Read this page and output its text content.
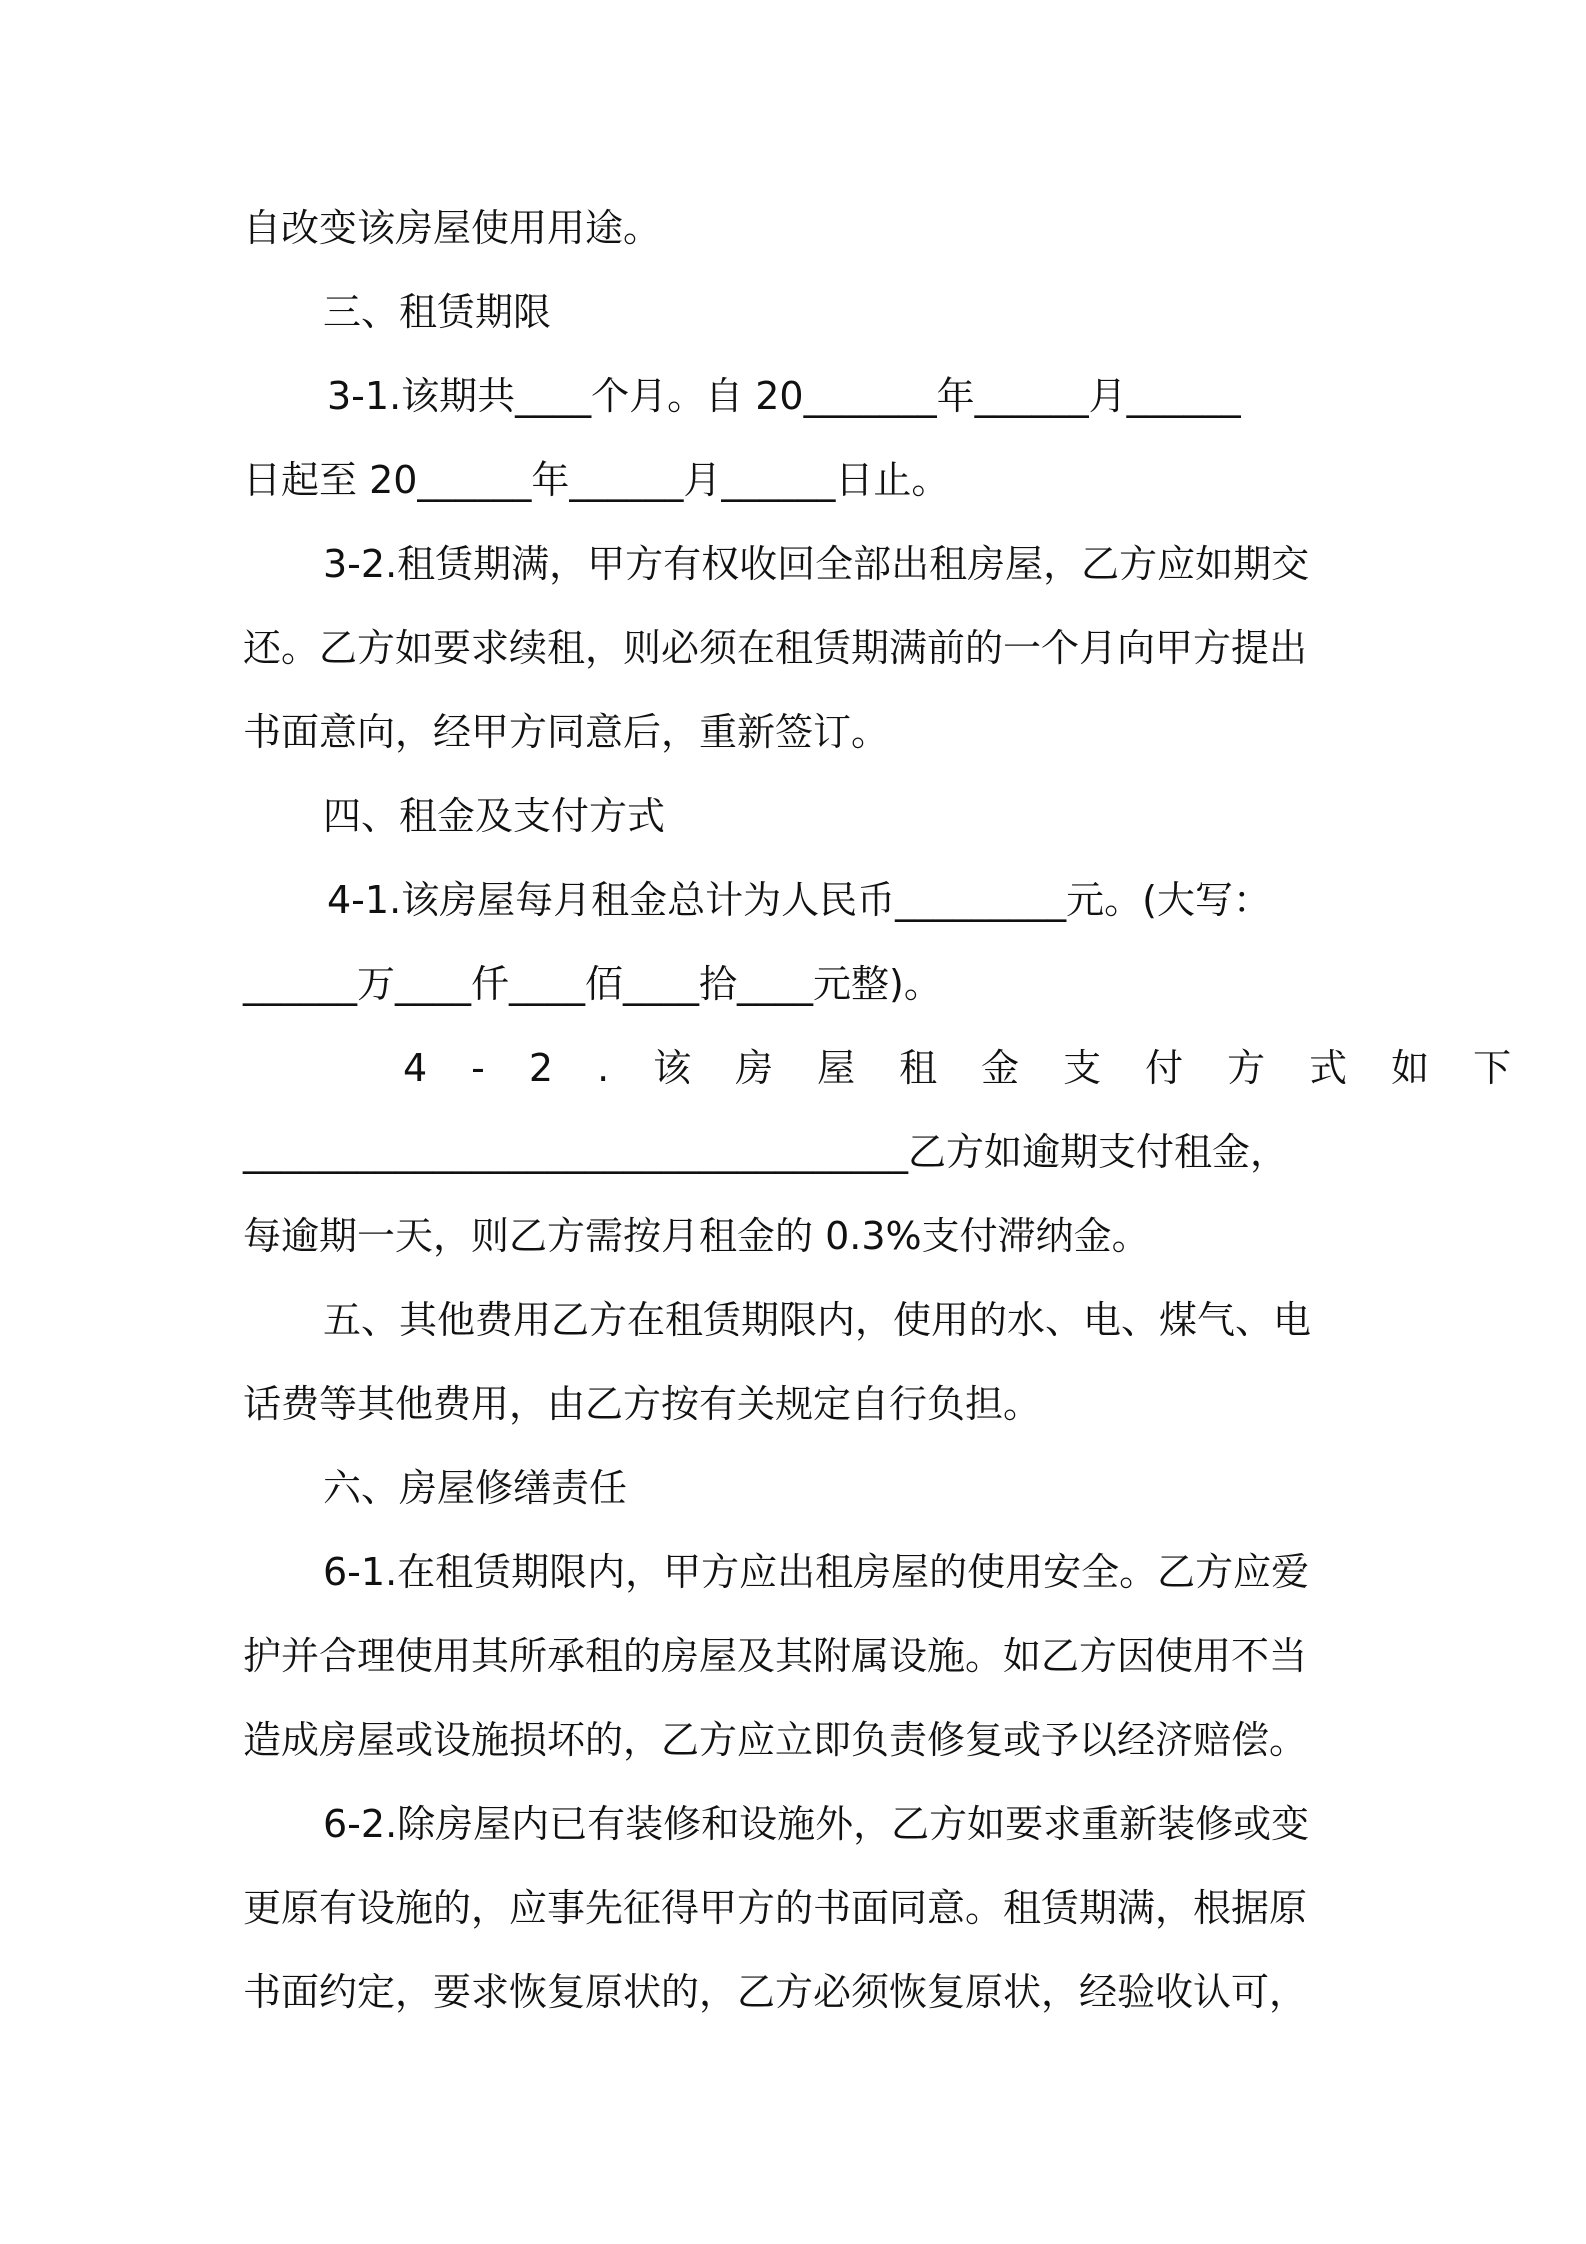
自改变该房屋使用用途。

三、租赁期限

3-1.该期共____个月。自 20_______年______月______

日起至 20______年______月______日止。

3-2.租赁期满，甲方有权收回全部出租房屋，乙方应如期交

还。乙方如要求续租，则必须在租赁期满前的一个月向甲方提出

书面意向，经甲方同意后，重新签订。

四、租金及支付方式

4-1.该房屋每月租金总计为人民币_________元。(大写：

______万____仟____佰____拾____元整)。

4-2.该房屋租金支付方式如下

___________________________________乙方如逾期支付租金，

每逾期一天，则乙方需按月租金的 0.3%支付滞纳金。

五、其他费用乙方在租赁期限内，使用的水、电、煤气、电

话费等其他费用，由乙方按有关规定自行负担。

六、房屋修缮责任

6-1.在租赁期限内，甲方应出租房屋的使用安全。乙方应爱

护并合理使用其所承租的房屋及其附属设施。如乙方因使用不当

造成房屋或设施损坏的，乙方应立即负责修复或予以经济赔偿。

6-2.除房屋内已有装修和设施外，乙方如要求重新装修或变

更原有设施的，应事先征得甲方的书面同意。租赁期满，根据原

书面约定，要求恢复原状的，乙方必须恢复原状，经验收认可，
